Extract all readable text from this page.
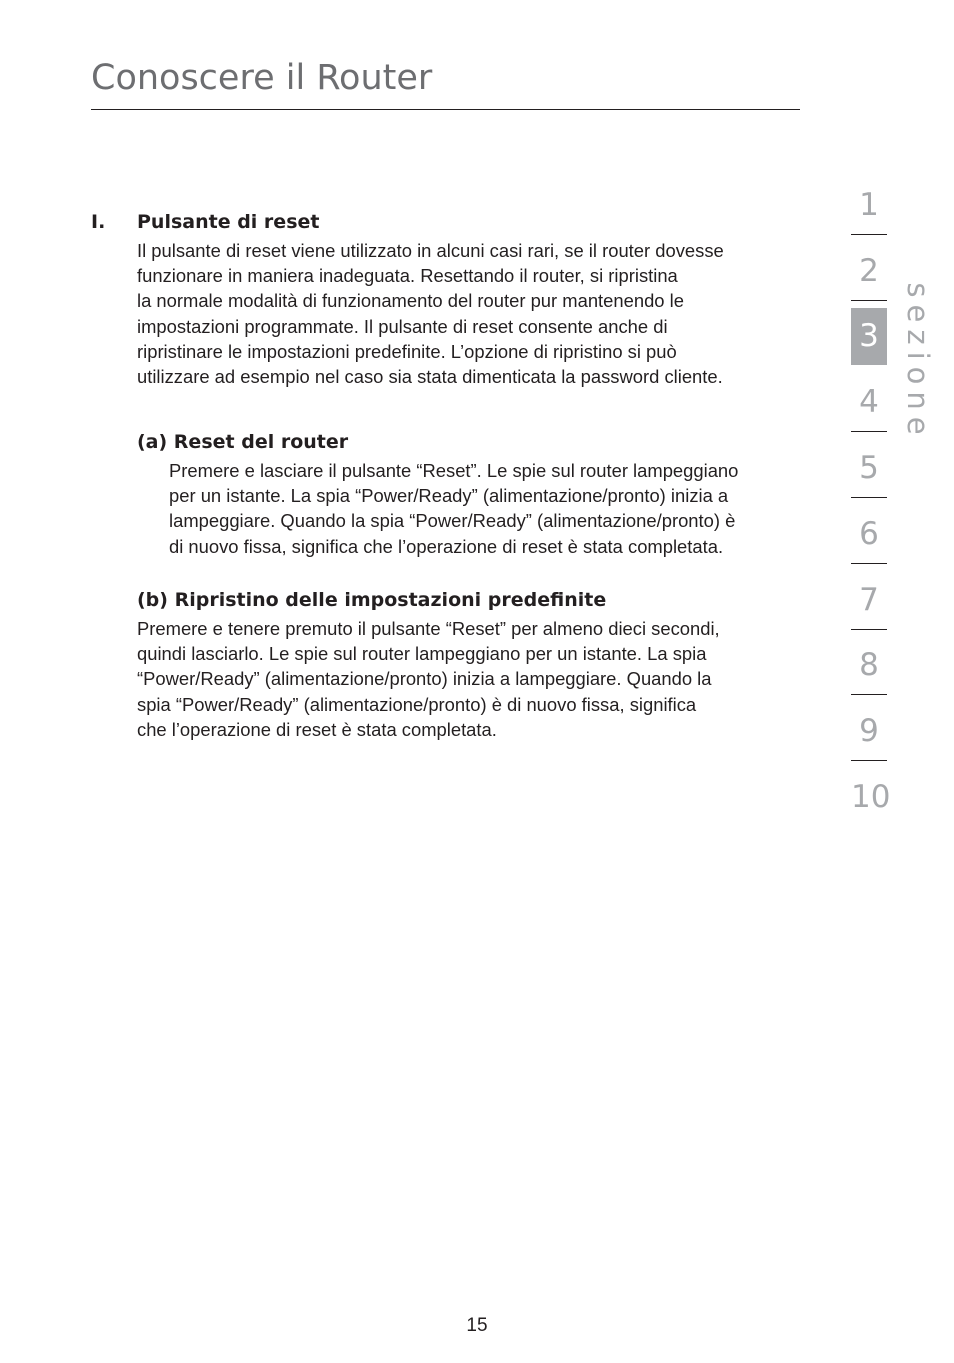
Conoscere il Router
I. Pulsante di reset

Il pulsante di reset viene utilizzato in alcuni casi rari, se il router dovesse
funzionare in maniera inadeguata. Resettando il router, si ripristina
la normale modalità di funzionamento del router pur mantenendo le
impostazioni programmate. Il pulsante di reset consente anche di
ripristinare le impostazioni predefinite. L’opzione di ripristino si può
utilizzare ad esempio nel caso sia stata dimenticata la password cliente.

(a) Reset del router

Premere e lasciare il pulsante “Reset”. Le spie sul router lampeggiano
per un istante. La spia “Power/Ready” (alimentazione/pronto) inizia a
lampeggiare. Quando la spia “Power/Ready” (alimentazione/pronto) è
di nuovo fissa, significa che l’operazione di reset è stata completata.

(b) Ripristino delle impostazioni predefinite

Premere e tenere premuto il pulsante “Reset” per almeno dieci secondi,
quindi lasciarlo. Le spie sul router lampeggiano per un istante. La spia
“Power/Ready” (alimentazione/pronto) inizia a lampeggiare. Quando la
spia “Power/Ready” (alimentazione/pronto) è di nuovo fissa, significa
che l’operazione di reset è stata completata.

1
2
3
4
5
6
7
8
9
10
sezione
15
